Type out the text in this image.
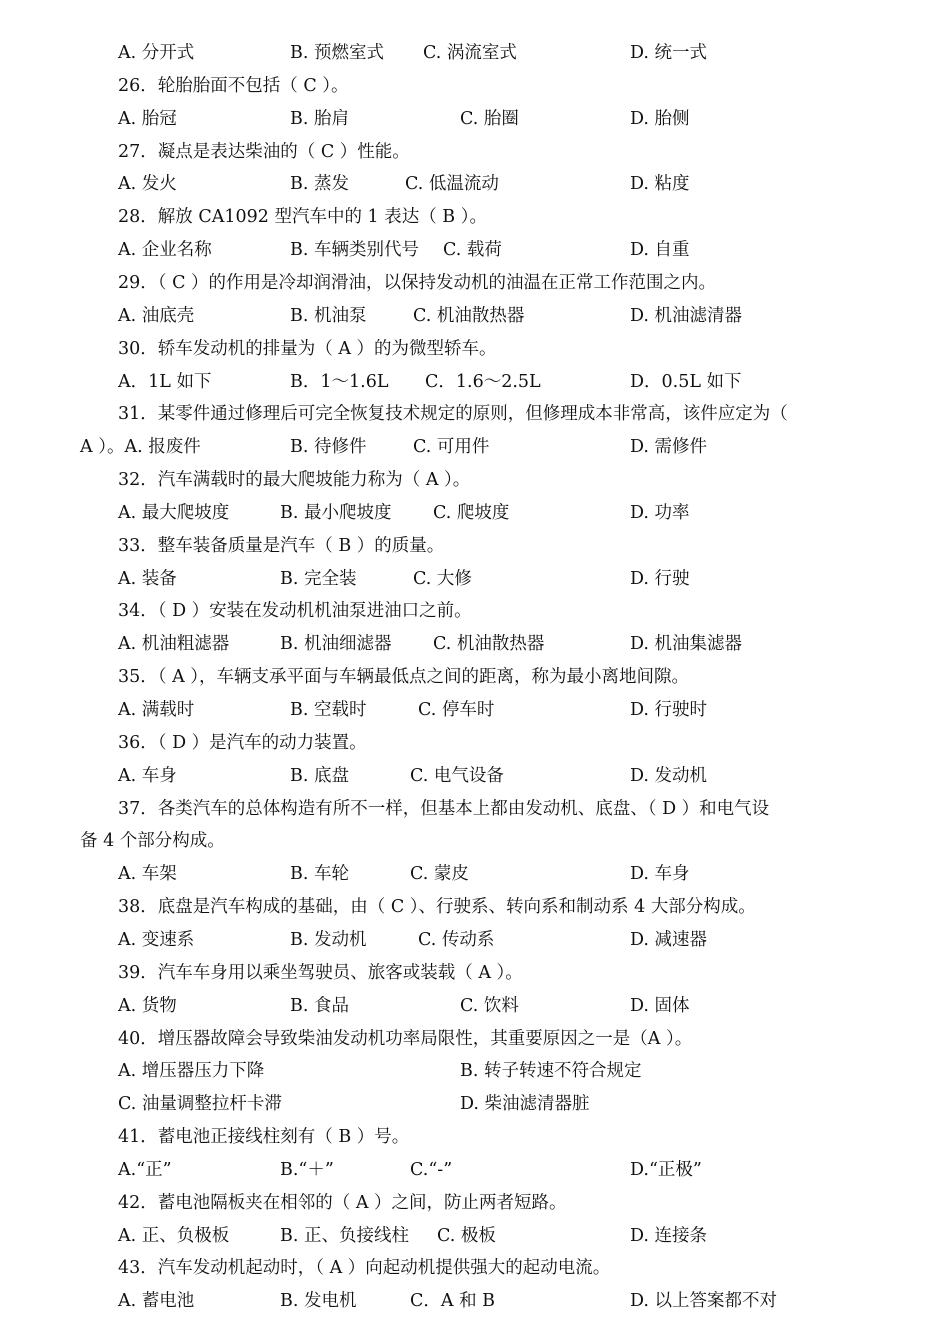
A. 分开式	B. 预燃室式 C. 涡流室式	D. 统一式
26．轮胎胎面不包括（ C ）。
A. 胎冠	B. 胎肩	C. 胎圈	D. 胎侧
27．凝点是表达柴油的（ C ）性能。
A. 发火	B. 蒸发	C. 低温流动	D. 粘度
28．解放 CA1092 型汽车中的 1 表达（ B ）。
A. 企业名称	B. 车辆类别代号 C. 载荷	D. 自重
29．（ C ）的作用是冷却润滑油，以保持发动机的油温在正常工作范围之内。
A. 油底壳	B. 机油泵	C. 机油散热器	D. 机油滤清器
30．轿车发动机的排量为（ A ）的为微型轿车。
A．1L 如下	B．1～1.6L C．1.6～2.5L	D．0.5L 如下
31．某零件通过修理后可完全恢复技术规定的原则，但修理成本非常高，该件应定为（
A ）。A. 报废件	B. 待修件	C. 可用件	D. 需修件
32．汽车满载时的最大爬坡能力称为（ A ）。
A. 最大爬坡度	B. 最小爬坡度 C. 爬坡度	D. 功率
33．整车装备质量是汽车（ B ）的质量。
A. 装备	B. 完全装	C. 大修	D. 行驶
34．（ D ）安装在发动机机油泵进油口之前。
A. 机油粗滤器	B. 机油细滤器 C. 机油散热器	D. 机油集滤器
35．（ A ），车辆支承平面与车辆最低点之间的距离，称为最小离地间隙。
A. 满载时	B. 空载时	C. 停车时	D. 行驶时
36．（ D ）是汽车的动力装置。
A. 车身	B. 底盘	C. 电气设备	D. 发动机
37．各类汽车的总体构造有所不一样，但基本上都由发动机、底盘、（ D ）和电气设
备 4 个部分构成。
A. 车架	B. 车轮	C. 蒙皮	D. 车身
38．底盘是汽车构成的基础，由（ C ）、行驶系、转向系和制动系 4 大部分构成。
A. 变速系	B. 发动机	C. 传动系	D. 减速器
39．汽车车身用以乘坐驾驶员、旅客或装载（ A ）。
A. 货物	B. 食品	C. 饮料	D. 固体
40．增压器故障会导致柴油发动机功率局限性，其重要原因之一是（A ）。
A. 增压器压力下降	B. 转子转速不符合规定
C. 油量调整拉杆卡滞	D. 柴油滤清器脏
41．蓄电池正接线柱刻有（ B ）号。
A.“正”	B.“＋”	C.“-”	D.“正极”
42．蓄电池隔板夹在相邻的（ A ）之间，防止两者短路。
A. 正、负极板	B. 正、负接线柱 C. 极板	D. 连接条
43．汽车发动机起动时，（ A ）向起动机提供强大的起动电流。
A. 蓄电池	B. 发电机	C．A 和 B	D. 以上答案都不对
